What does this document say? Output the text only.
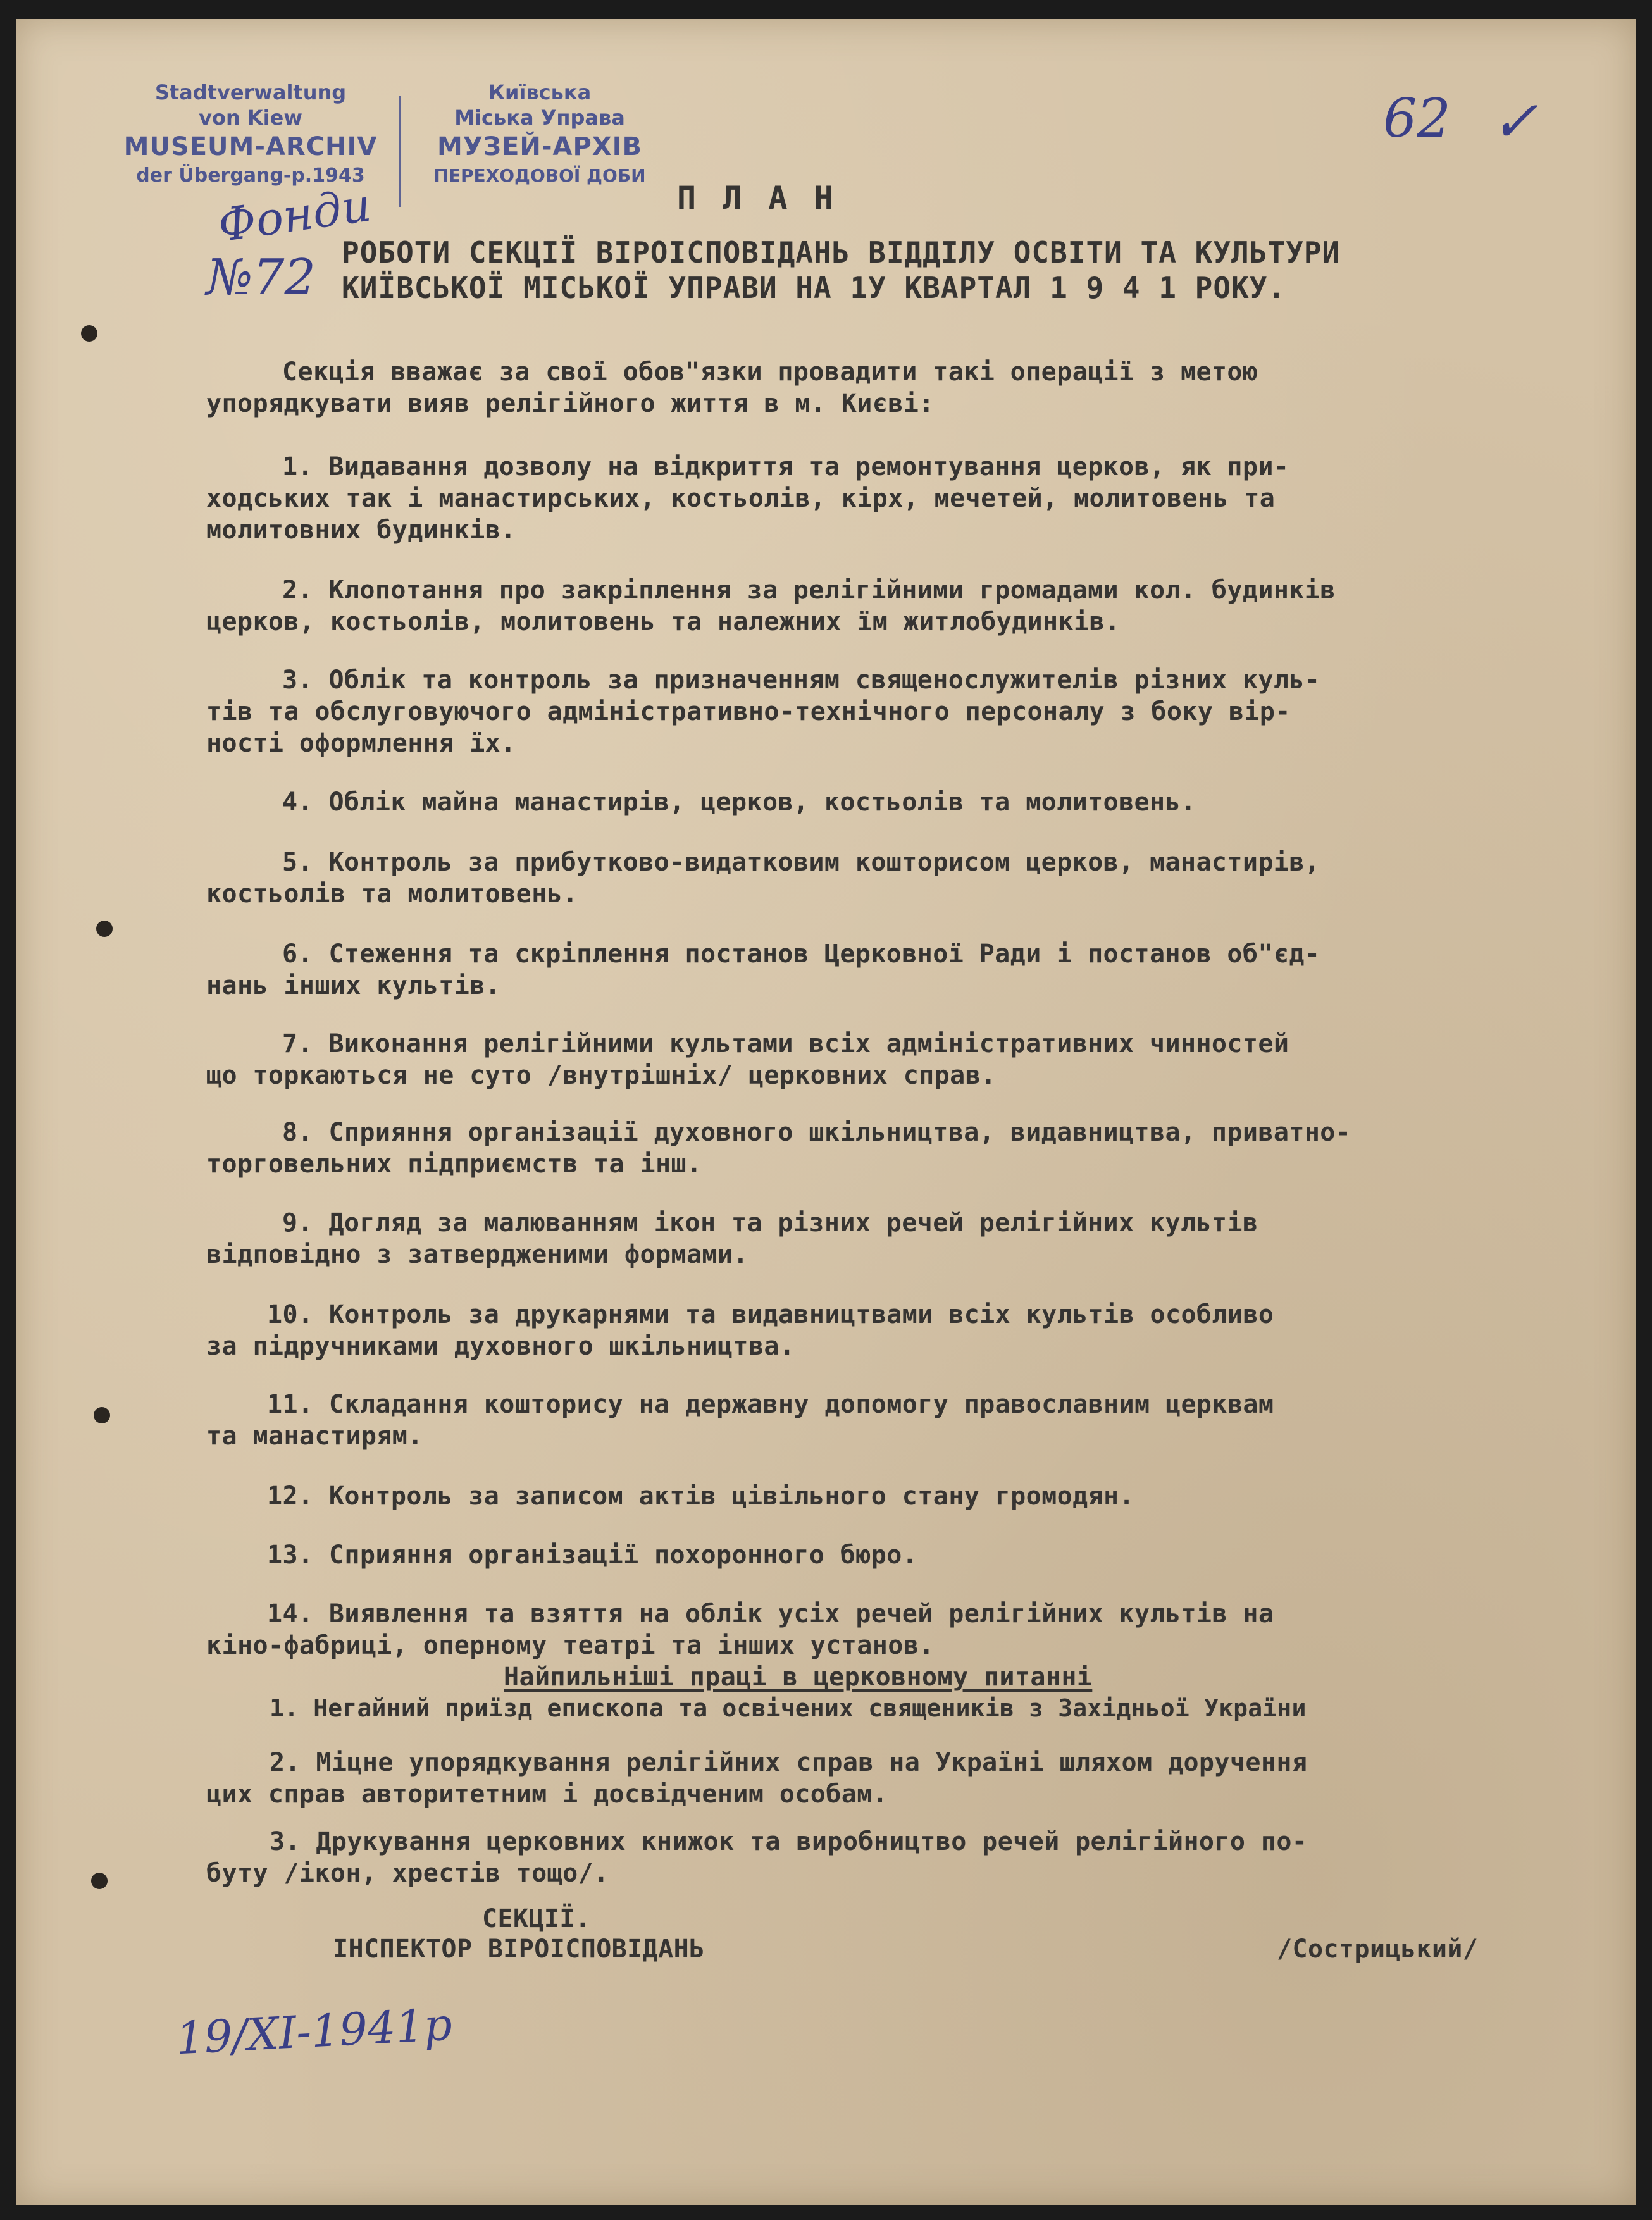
Stadtverwaltung
von Kiew
MUSEUM-ARCHIV
der Übergang-p.1943
Київська
Міська Управа
МУЗЕЙ-АРХІВ
ПЕРЕХОДОВОЇ ДОБИ
Фонди
№72
62 ✓
П Л А Н
РОБОТИ СЕКЦІЇ ВІРОІСПОВІДАНЬ ВІДДІЛУ ОСВІТИ ТА КУЛЬТУРИ
КИЇВСЬКОЇ МІСЬКОЇ УПРАВИ НА 1У КВАРТАЛ 1 9 4 1 РОКУ.
Секція вважає за свої обов"язки провадити такі операції з метою
упорядкувати вияв релігійного життя в м. Києві:
1. Видавання дозволу на відкриття та ремонтування церков, як при-
ходських так і манастирських, костьолів, кірх, мечетей, молитовень та
молитовних будинків.
2. Клопотання про закріплення за релігійними громадами кол. будинків
церков, костьолів, молитовень та належних їм житлобудинків.
3. Облік та контроль за призначенням священослужителів різних куль-
тів та обслуговуючого адміністративно-технічного персоналу з боку вір-
ності оформлення їх.
4. Облік майна манастирів, церков, костьолів та молитовень.
5. Контроль за прибутково-видатковим кошторисом церков, манастирів,
костьолів та молитовень.
6. Стеження та скріплення постанов Церковної Ради і постанов об"єд-
нань інших культів.
7. Виконання релігійними культами всіх адміністративних чинностей
що торкаються не суто /внутрішніх/ церковних справ.
8. Сприяння організації духовного шкільництва, видавництва, приватно-
торговельних підприємств та інш.
9. Догляд за малюванням ікон та різних речей релігійних культів
відповідно з затвердженими формами.
10. Контроль за друкарнями та видавництвами всіх культів особливо
за підручниками духовного шкільництва.
11. Складання кошторису на державну допомогу православним церквам
та манастирям.
12. Контроль за записом актів цівільного стану громодян.
13. Сприяння організації похоронного бюро.
14. Виявлення та взяття на облік усіх речей релігійних культів на
кіно-фабриці, оперному театрі та інших установ.
Найпильніші праці в церковному питанні
1. Негайний приїзд епископа та освічених священиків з Західньої України
2. Міцне упорядкування релігійних справ на Україні шляхом доручення
цих справ авторитетним і досвідченим особам.
3. Друкування церковних книжок та виробництво речей релігійного по-
буту /ікон, хрестів тощо/.
СЕКЦІЇ.
ІНСПЕКТОР ВІРОІСПОВІДАНЬ	/Сострицький/
19/XI-1941р
